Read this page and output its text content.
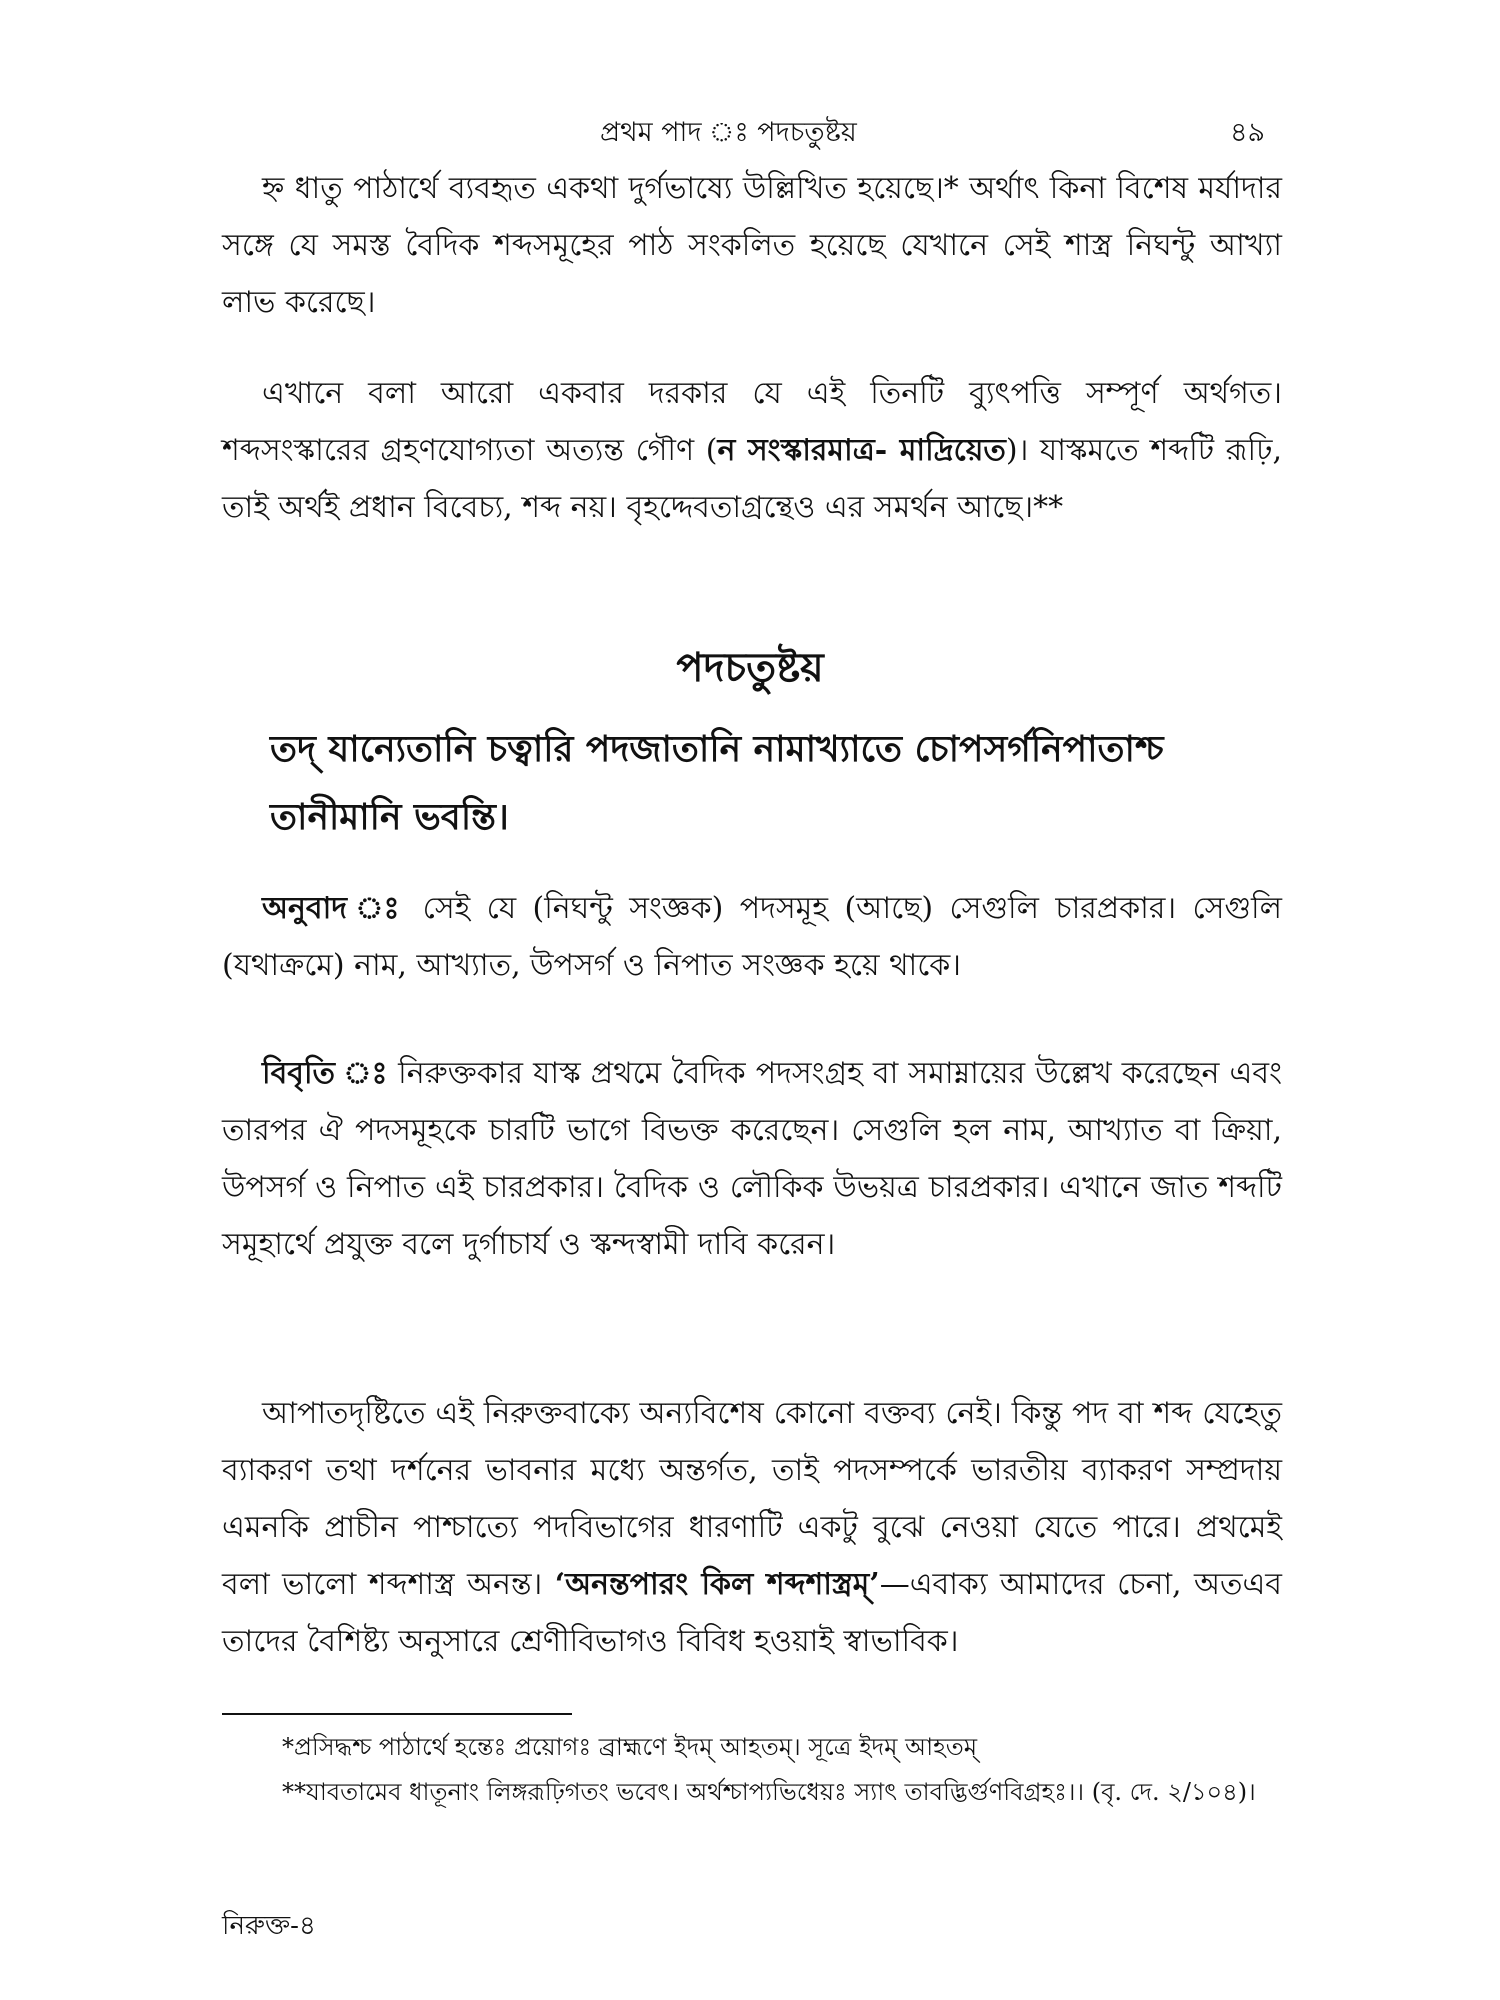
প্রথম পাদ ঃ পদচতুষ্টয়	৪৯

হ্ন ধাতু পাঠার্থে ব্যবহৃত একথা দুর্গভাষ্যে উল্লিখিত হয়েছে।* অর্থাৎ কিনা বিশেষ মর্যাদার সঙ্গে যে সমস্ত বৈদিক শব্দসমূহের পাঠ সংকলিত হয়েছে যেখানে সেই শাস্ত্র নিঘন্টু আখ্যা লাভ করেছে।

এখানে বলা আরো একবার দরকার যে এই তিনটি ব্যুৎপত্তি সম্পূর্ণ অর্থগত। শব্দসংস্কারের গ্রহণযোগ্যতা অত্যন্ত গৌণ (ন সংস্কারমাত্র- মাদ্রিয়েত)। যাস্কমতে শব্দটি রূঢ়ি, তাই অর্থই প্রধান বিবেচ্য, শব্দ নয়। বৃহদ্দেবতাগ্রন্থেও এর সমর্থন আছে।**

পদচতুষ্টয়

তদ্ যান্যেতানি চত্বারি পদজাতানি নামাখ্যাতে চোপসর্গনিপাতাশ্চ তানীমানি ভবন্তি।

অনুবাদ ঃ সেই যে (নিঘন্টু সংজ্ঞক) পদসমূহ (আছে) সেগুলি চারপ্রকার। সেগুলি (যথাক্রমে) নাম, আখ্যাত, উপসর্গ ও নিপাত সংজ্ঞক হয়ে থাকে।

বিবৃতি ঃ নিরুক্তকার যাস্ক প্রথমে বৈদিক পদসংগ্রহ বা সমাম্নায়ের উল্লেখ করেছেন এবং তারপর ঐ পদসমূহকে চারটি ভাগে বিভক্ত করেছেন। সেগুলি হল নাম, আখ্যাত বা ক্রিয়া, উপসর্গ ও নিপাত এই চারপ্রকার। বৈদিক ও লৌকিক উভয়ত্র চারপ্রকার। এখানে জাত শব্দটি সমূহার্থে প্রযুক্ত বলে দুর্গাচার্য ও স্কন্দস্বামী দাবি করেন।

আপাতদৃষ্টিতে এই নিরুক্তবাক্যে অন্যবিশেষ কোনো বক্তব্য নেই। কিন্তু পদ বা শব্দ যেহেতু ব্যাকরণ তথা দর্শনের ভাবনার মধ্যে অন্তর্গত, তাই পদসম্পর্কে ভারতীয় ব্যাকরণ সম্প্রদায় এমনকি প্রাচীন পাশ্চাত্যে পদবিভাগের ধারণাটি একটু বুঝে নেওয়া যেতে পারে। প্রথমেই বলা ভালো শব্দশাস্ত্র অনন্ত। ‘অনন্তপারং কিল শব্দশাস্ত্রম্’—এবাক্য আমাদের চেনা, অতএব তাদের বৈশিষ্ট্য অনুসারে শ্রেণীবিভাগও বিবিধ হওয়াই স্বাভাবিক।

*প্রসিদ্ধশ্চ পাঠার্থে হন্তেঃ প্রয়োগঃ ব্রাহ্মণে ইদম্ আহতম্। সূত্রে ইদম্ আহতম্‌

**যাবতামেব ধাতূনাং লিঙ্গরূঢ়িগতং ভবেৎ। অর্থশ্চাপ্যভিধেয়ঃ স্যাৎ তাবদ্ভির্গুণবিগ্রহঃ।। (বৃ. দে. ২/১০৪)।

নিরুক্ত-৪
